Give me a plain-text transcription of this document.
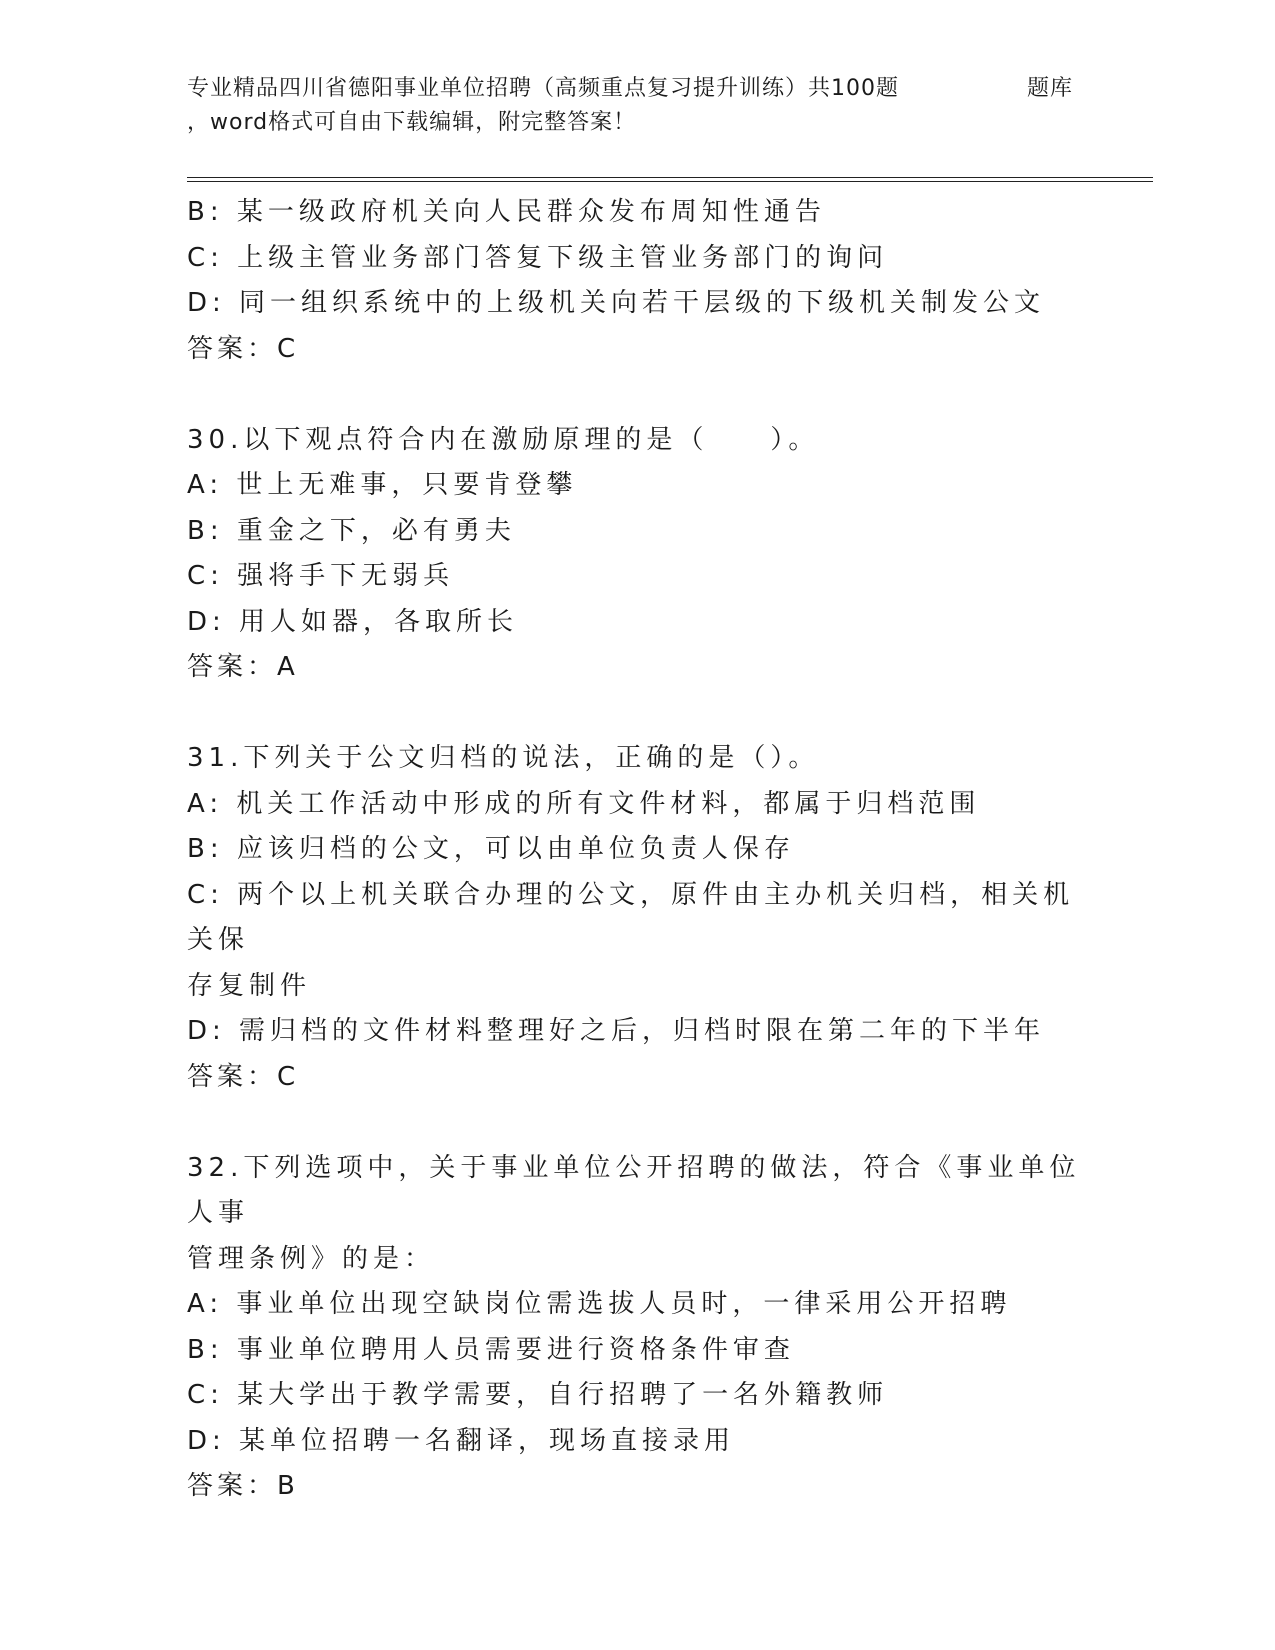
专业精品四川省德阳事业单位招聘（高频重点复习提升训练）共100题	题库
，word格式可自由下载编辑，附完整答案！
B: 某一级政府机关向人民群众发布周知性通告
C: 上级主管业务部门答复下级主管业务部门的询问
D: 同一组织系统中的上级机关向若干层级的下级机关制发公文
答案：C
30.以下观点符合内在激励原理的是（　　）。
A: 世上无难事，只要肯登攀
B: 重金之下，必有勇夫
C: 强将手下无弱兵
D: 用人如器，各取所长
答案：A
31.下列关于公文归档的说法，正确的是（）。
A: 机关工作活动中形成的所有文件材料，都属于归档范围
B: 应该归档的公文，可以由单位负责人保存
C: 两个以上机关联合办理的公文，原件由主办机关归档，相关机关保
存复制件
D: 需归档的文件材料整理好之后，归档时限在第二年的下半年
答案：C
32.下列选项中，关于事业单位公开招聘的做法，符合《事业单位人事
管理条例》的是：
A: 事业单位出现空缺岗位需选拔人员时，一律采用公开招聘
B: 事业单位聘用人员需要进行资格条件审查
C: 某大学出于教学需要，自行招聘了一名外籍教师
D: 某单位招聘一名翻译，现场直接录用
答案：B
